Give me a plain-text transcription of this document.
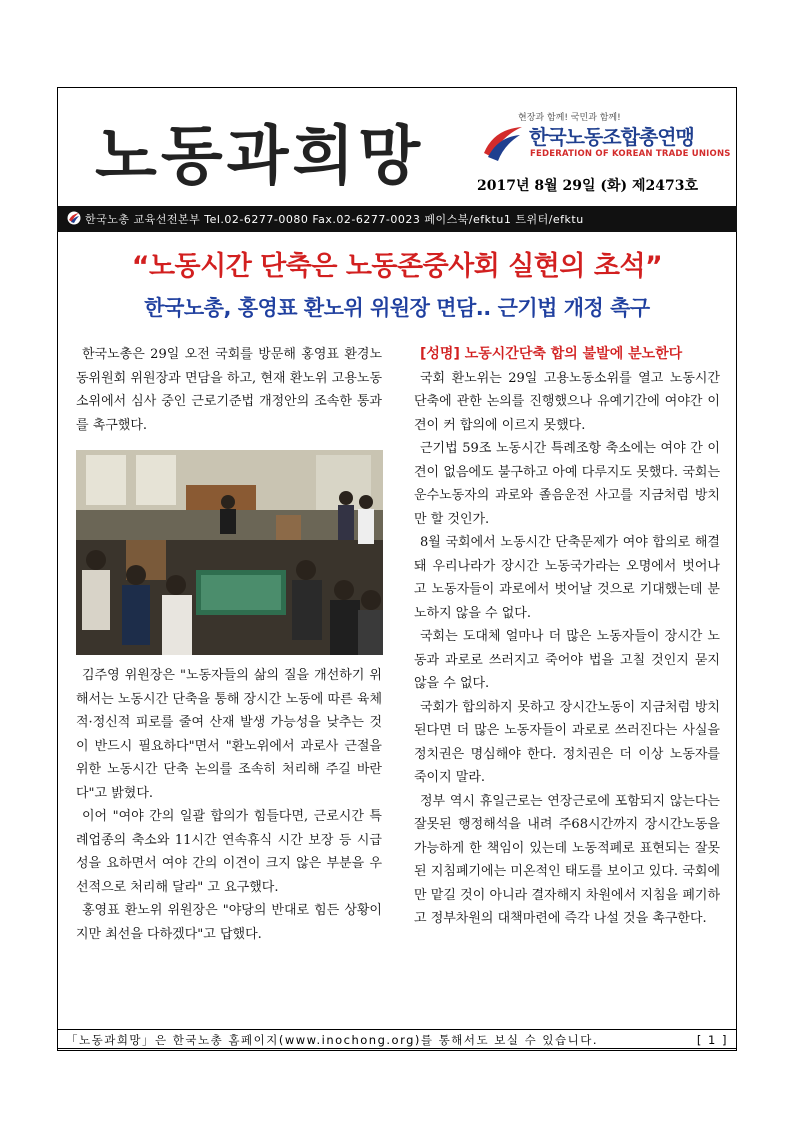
노동과희망
현장과 함께! 국민과 함께!
한국노동조합총연맹
FEDERATION OF KOREAN TRADE UNIONS
2017년 8월 29일 (화) 제2473호
한국노총 교육선전본부 Tel.02-6277-0080 Fax.02-6277-0023 페이스북/efktu1 트위터/efktu
“노동시간 단축은 노동존중사회 실현의 초석”
한국노총, 홍영표 환노위 위원장 면담.. 근기법 개정 촉구

한국노총은 29일 오전 국회를 방문해 홍영표 환경노동위원회 위원장과 면담을 하고, 현재 환노위 고용노동소위에서 심사 중인 근로기준법 개정안의 조속한 통과를 촉구했다.

김주영 위원장은 "노동자들의 삶의 질을 개선하기 위해서는 노동시간 단축을 통해 장시간 노동에 따른 육체적·정신적 피로를 줄여 산재 발생 가능성을 낮추는 것이 반드시 필요하다"면서 "환노위에서 과로사 근절을 위한 노동시간 단축 논의를 조속히 처리해 주길 바란다"고 밝혔다.

이어 "여야 간의 일괄 합의가 힘들다면, 근로시간 특례업종의 축소와 11시간 연속휴식 시간 보장 등 시급성을 요하면서 여야 간의 이견이 크지 않은 부분을 우선적으로 처리해 달라" 고 요구했다.

홍영표 환노위 위원장은 "야당의 반대로 힘든 상황이지만 최선을 다하겠다"고 답했다.

[성명] 노동시간단축 합의 불발에 분노한다

국회 환노위는 29일 고용노동소위를 열고 노동시간 단축에 관한 논의를 진행했으나 유예기간에 여야간 이견이 커 합의에 이르지 못했다.

근기법 59조 노동시간 특례조항 축소에는 여야 간 이견이 없음에도 불구하고 아예 다루지도 못했다. 국회는 운수노동자의 과로와 졸음운전 사고를 지금처럼 방치만 할 것인가.

8월 국회에서 노동시간 단축문제가 여야 합의로 해결돼 우리나라가 장시간 노동국가라는 오명에서 벗어나고 노동자들이 과로에서 벗어날 것으로 기대했는데 분노하지 않을 수 없다.

국회는 도대체 얼마나 더 많은 노동자들이 장시간 노동과 과로로 쓰러지고 죽어야 법을 고칠 것인지 묻지 않을 수 없다.

국회가 합의하지 못하고 장시간노동이 지금처럼 방치된다면 더 많은 노동자들이 과로로 쓰러진다는 사실을 정치권은 명심해야 한다. 정치권은 더 이상 노동자를 죽이지 말라.

정부 역시 휴일근로는 연장근로에 포함되지 않는다는 잘못된 행정해석을 내려 주68시간까지 장시간노동을 가능하게 한 책임이 있는데 노동적폐로 표현되는 잘못된 지침폐기에는 미온적인 태도를 보이고 있다. 국회에만 맡길 것이 아니라 결자해지 차원에서 지침을 폐기하고 정부차원의 대책마련에 즉각 나설 것을 촉구한다.

「노동과희망」은 한국노총 홈페이지(www.inochong.org)를 통해서도 보실 수 있습니다.	[ 1 ]
